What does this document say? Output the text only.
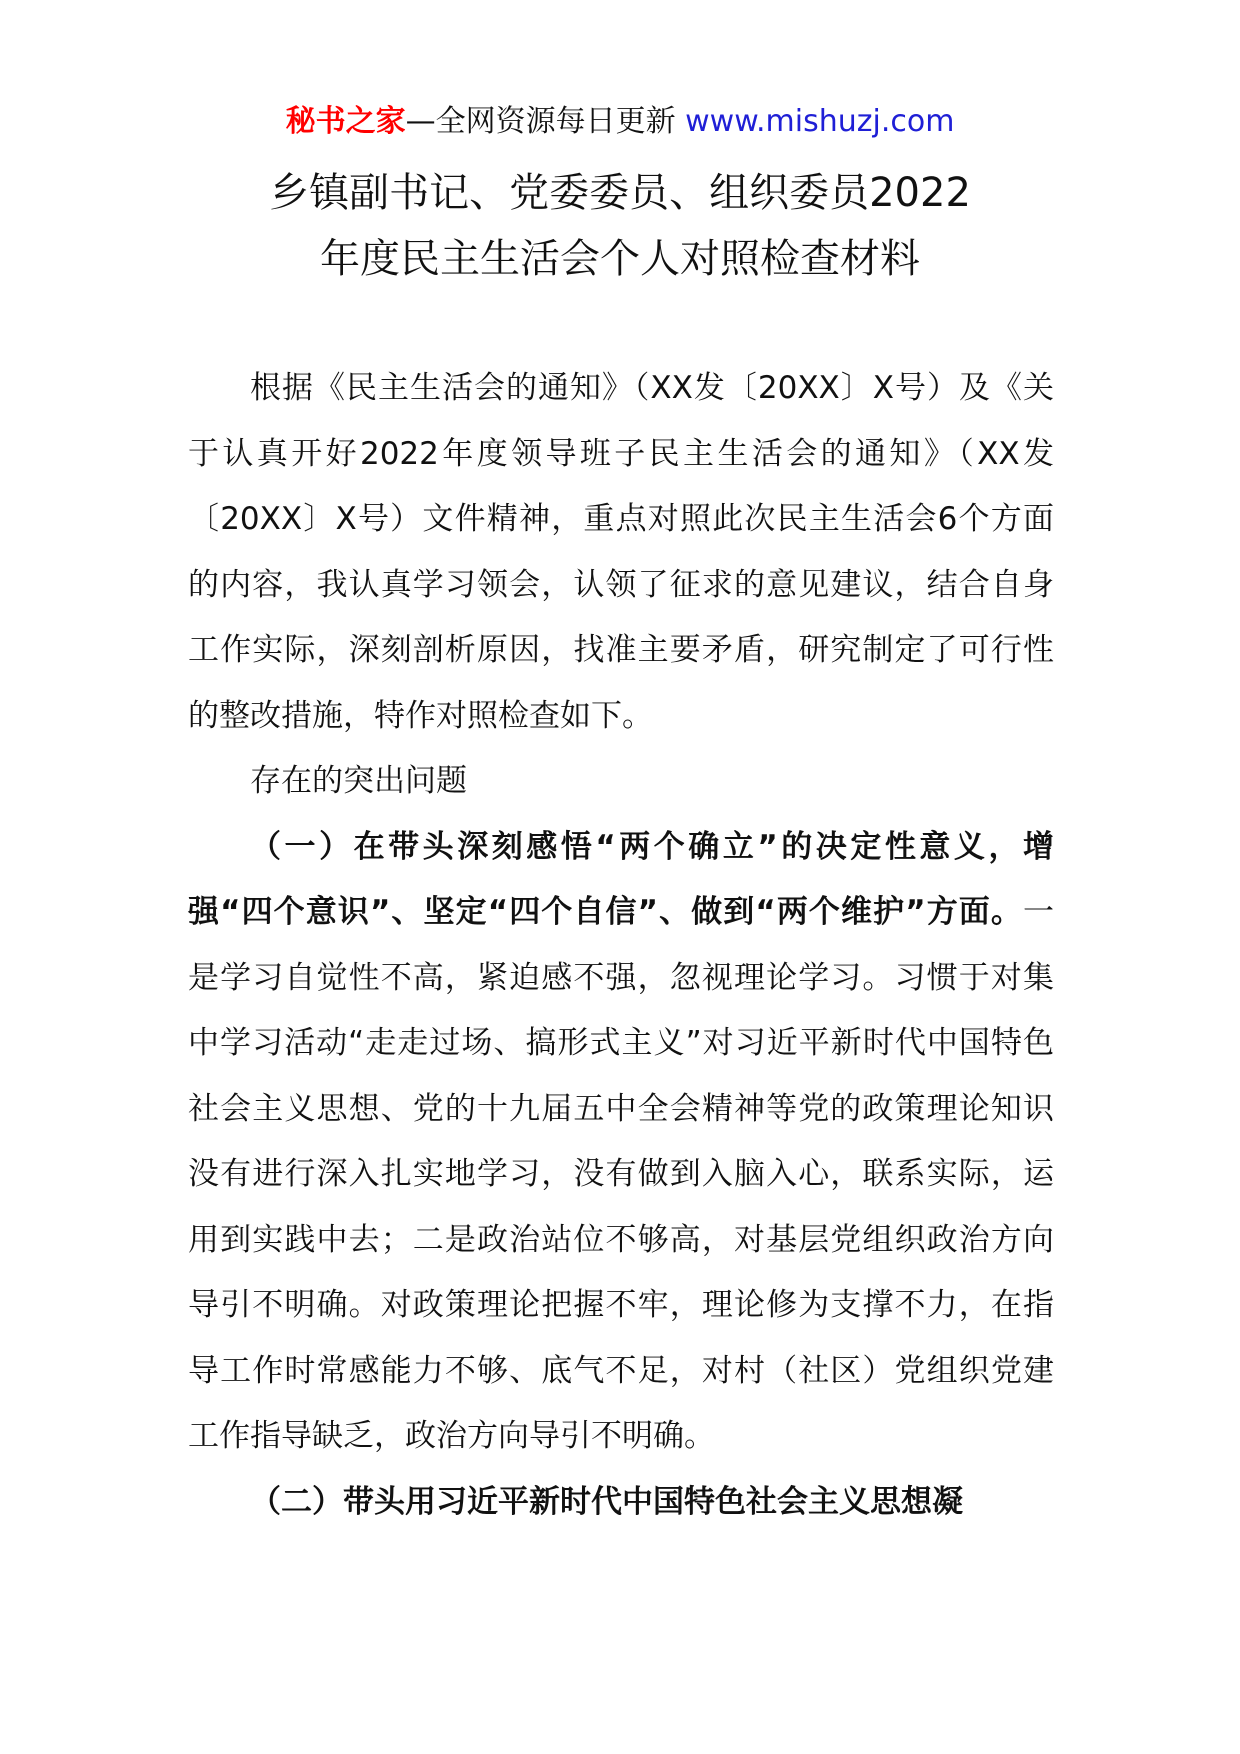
秘书之家—全网资源每日更新 www.mishuzj.com
乡镇副书记、党委委员、组织委员2022
年度民主生活会个人对照检查材料

根据《民主生活会的通知》（XX发〔20XX〕X号）及《关于认真开好2022年度领导班子民主生活会的通知》（XX发〔20XX〕X号）文件精神，重点对照此次民主生活会6个方面的内容，我认真学习领会，认领了征求的意见建议，结合自身工作实际，深刻剖析原因，找准主要矛盾，研究制定了可行性的整改措施，特作对照检查如下。

存在的突出问题

（一）在带头深刻感悟“两个确立”的决定性意义，增强“四个意识”、坚定“四个自信”、做到“两个维护”方面。一是学习自觉性不高，紧迫感不强，忽视理论学习。习惯于对集中学习活动“走走过场、搞形式主义”对习近平新时代中国特色社会主义思想、党的十九届五中全会精神等党的政策理论知识没有进行深入扎实地学习，没有做到入脑入心，联系实际，运用到实践中去；二是政治站位不够高，对基层党组织政治方向导引不明确。对政策理论把握不牢，理论修为支撑不力，在指导工作时常感能力不够、底气不足，对村（社区）党组织党建工作指导缺乏，政治方向导引不明确。

（二）带头用习近平新时代中国特色社会主义思想凝
